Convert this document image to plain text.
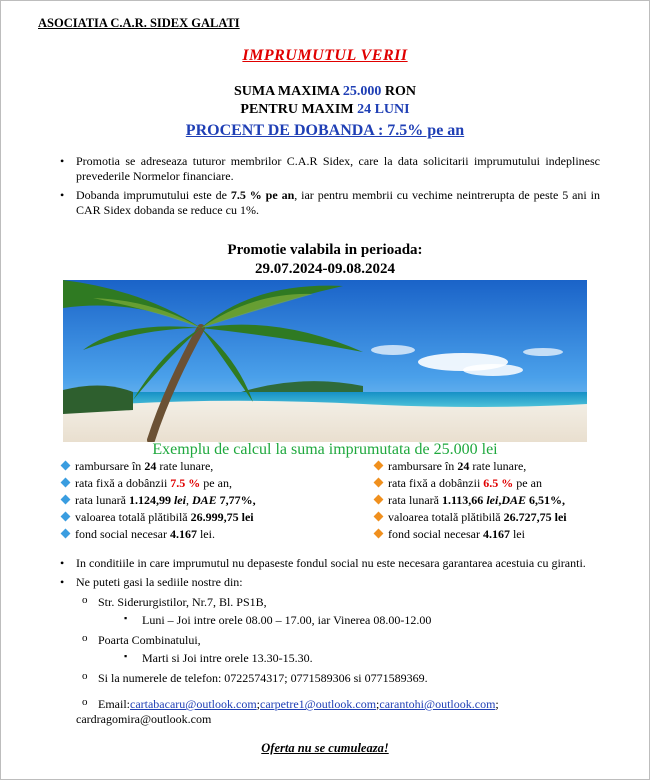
ASOCIATIA C.A.R. SIDEX GALATI
IMPRUMUTUL VERII
SUMA MAXIMA 25.000 RON
PENTRU MAXIM 24 LUNI
PROCENT DE DOBANDA : 7.5% pe an
• Promotia se adreseaza tuturor membrilor C.A.R Sidex, care la data solicitarii imprumutului indeplinesc prevederile Normelor financiare.
• Dobanda imprumutului este de 7.5 % pe an, iar pentru membrii cu vechime neintrerupta de peste 5 ani in CAR Sidex dobanda se reduce cu 1%.
Promotie valabila in perioada:
29.07.2024-09.08.2024
Exemplu de calcul la suma imprumutata de 25.000 lei
rambursare în 24 rate lunare,
rata fixă a dobânzii 7.5 % pe an,
rata lunară 1.124,99 lei, DAE 7,77%,
valoarea totală plătibilă 26.999,75 lei
fond social necesar 4.167 lei.
rambursare în 24 rate lunare,
rata fixă a dobânzii 6.5 % pe an
rata lunară 1.113,66 lei,DAE 6,51%,
valoarea totală plătibilă 26.727,75 lei
fond social necesar 4.167 lei
• In conditiile in care imprumutul nu depaseste fondul social nu este necesara garantarea acestuia cu giranti.
• Ne puteti gasi la sediile nostre din:
o Str. Siderurgistilor, Nr.7, Bl. PS1B,
▪ Luni – Joi intre orele 08.00 – 17.00, iar Vinerea 08.00-12.00
o Poarta Combinatului,
▪ Marti si Joi intre orele 13.30-15.30.
o Si la numerele de telefon: 0722574317; 0771589306 si 0771589369.
o Email:cartabacaru@outlook.com;carpetre1@outlook.com;carantohi@outlook.com;
cardragomira@outlook.com
Oferta nu se cumuleaza!
